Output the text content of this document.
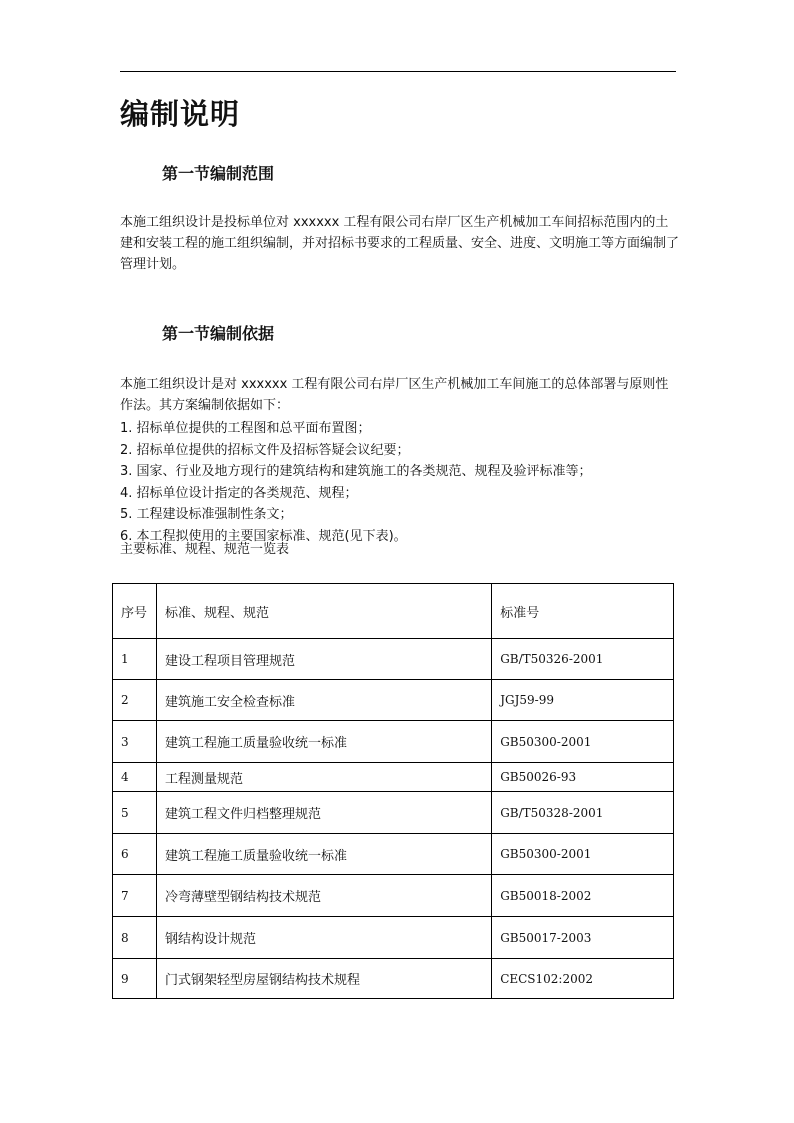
编制说明
第一节编制范围

本施工组织设计是投标单位对 xxxxxx 工程有限公司右岸厂区生产机械加工车间招标范围内的土建和安装工程的施工组织编制，并对招标书要求的工程质量、安全、进度、文明施工等方面编制了管理计划。

第一节编制依据

本施工组织设计是对 xxxxxx 工程有限公司右岸厂区生产机械加工车间施工的总体部署与原则性作法。其方案编制依据如下：

1. 招标单位提供的工程图和总平面布置图；
2. 招标单位提供的招标文件及招标答疑会议纪要；
3. 国家、行业及地方现行的建筑结构和建筑施工的各类规范、规程及验评标准等；
4. 招标单位设计指定的各类规范、规程；
5. 工程建设标准强制性条文；
6. 本工程拟使用的主要国家标准、规范(见下表)。

主要标准、规程、规范一览表

序号	标准、规程、规范	标准号
1	建设工程项目管理规范	GB/T50326-2001
2	建筑施工安全检查标准	JGJ59-99
3	建筑工程施工质量验收统一标准	GB50300-2001
4	工程测量规范	GB50026-93
5	建筑工程文件归档整理规范	GB/T50328-2001
6	建筑工程施工质量验收统一标准	GB50300-2001
7	冷弯薄壁型钢结构技术规范	GB50018-2002
8	钢结构设计规范	GB50017-2003
9	门式钢架轻型房屋钢结构技术规程	CECS102:2002
